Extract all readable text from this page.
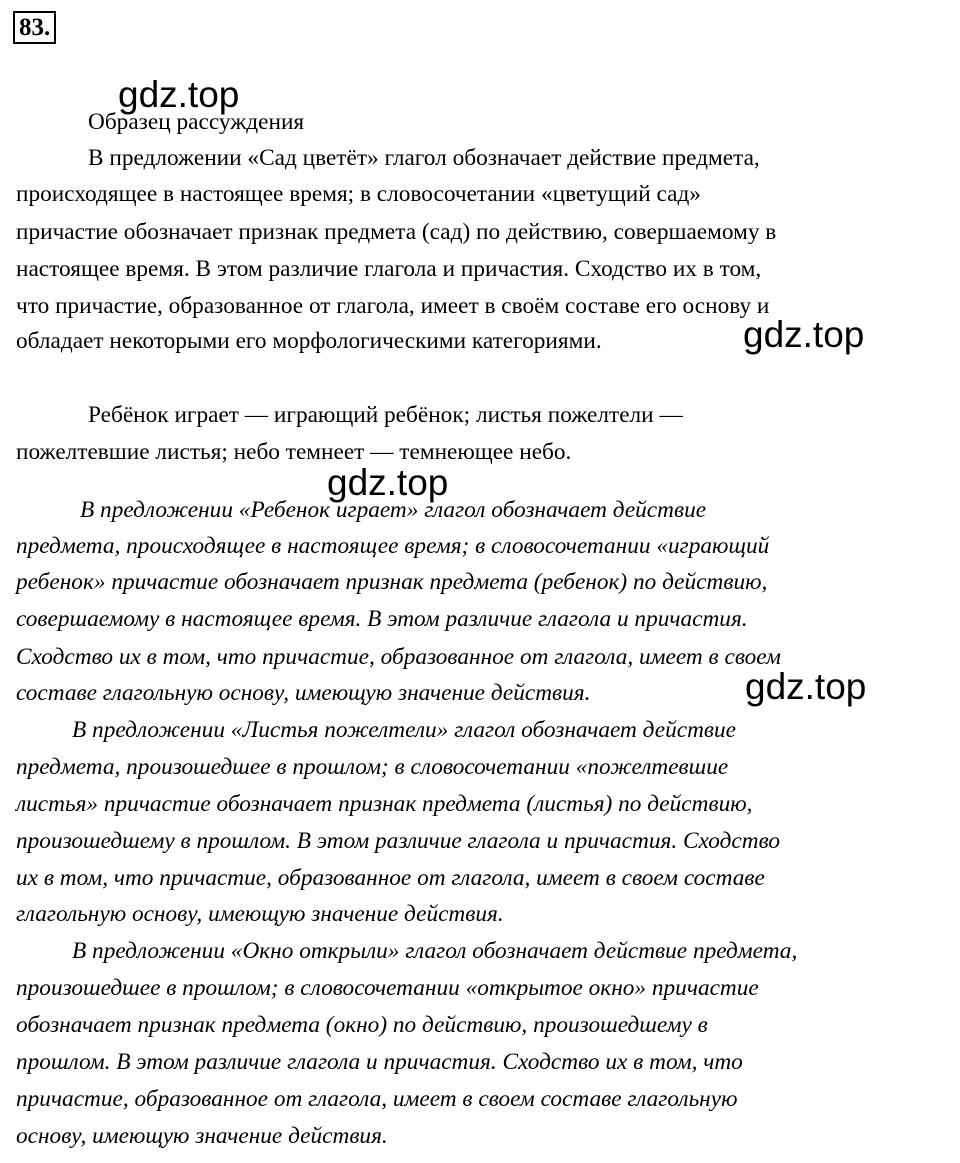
83.
gdz.top
gdz.top
gdz.top
gdz.top
Образец рассуждения
В предложении «Сад цветёт» глагол обозначает действие предмета,
происходящее в настоящее время; в словосочетании «цветущий сад»
причастие обозначает признак предмета (сад) по действию, совершаемому в
настоящее время. В этом различие глагола и причастия. Сходство их в том,
что причастие, образованное от глагола, имеет в своём составе его основу и
обладает некоторыми его морфологическими категориями.
Ребёнок играет — играющий ребёнок; листья пожелтели —
пожелтевшие листья; небо темнеет — темнеющее небо.
В предложении «Ребенок играет» глагол обозначает действие
предмета, происходящее в настоящее время; в словосочетании «играющий
ребенок» причастие обозначает признак предмета (ребенок) по действию,
совершаемому в настоящее время. В этом различие глагола и причастия.
Сходство их в том, что причастие, образованное от глагола, имеет в своем
составе глагольную основу, имеющую значение действия.
В предложении «Листья пожелтели» глагол обозначает действие
предмета, произошедшее в прошлом; в словосочетании «пожелтевшие
листья» причастие обозначает признак предмета (листья) по действию,
произошедшему в прошлом. В этом различие глагола и причастия. Сходство
их в том, что причастие, образованное от глагола, имеет в своем составе
глагольную основу, имеющую значение действия.
В предложении «Окно открыли» глагол обозначает действие предмета,
произошедшее в прошлом; в словосочетании «открытое окно» причастие
обозначает признак предмета (окно) по действию, произошедшему в
прошлом. В этом различие глагола и причастия. Сходство их в том, что
причастие, образованное от глагола, имеет в своем составе глагольную
основу, имеющую значение действия.
